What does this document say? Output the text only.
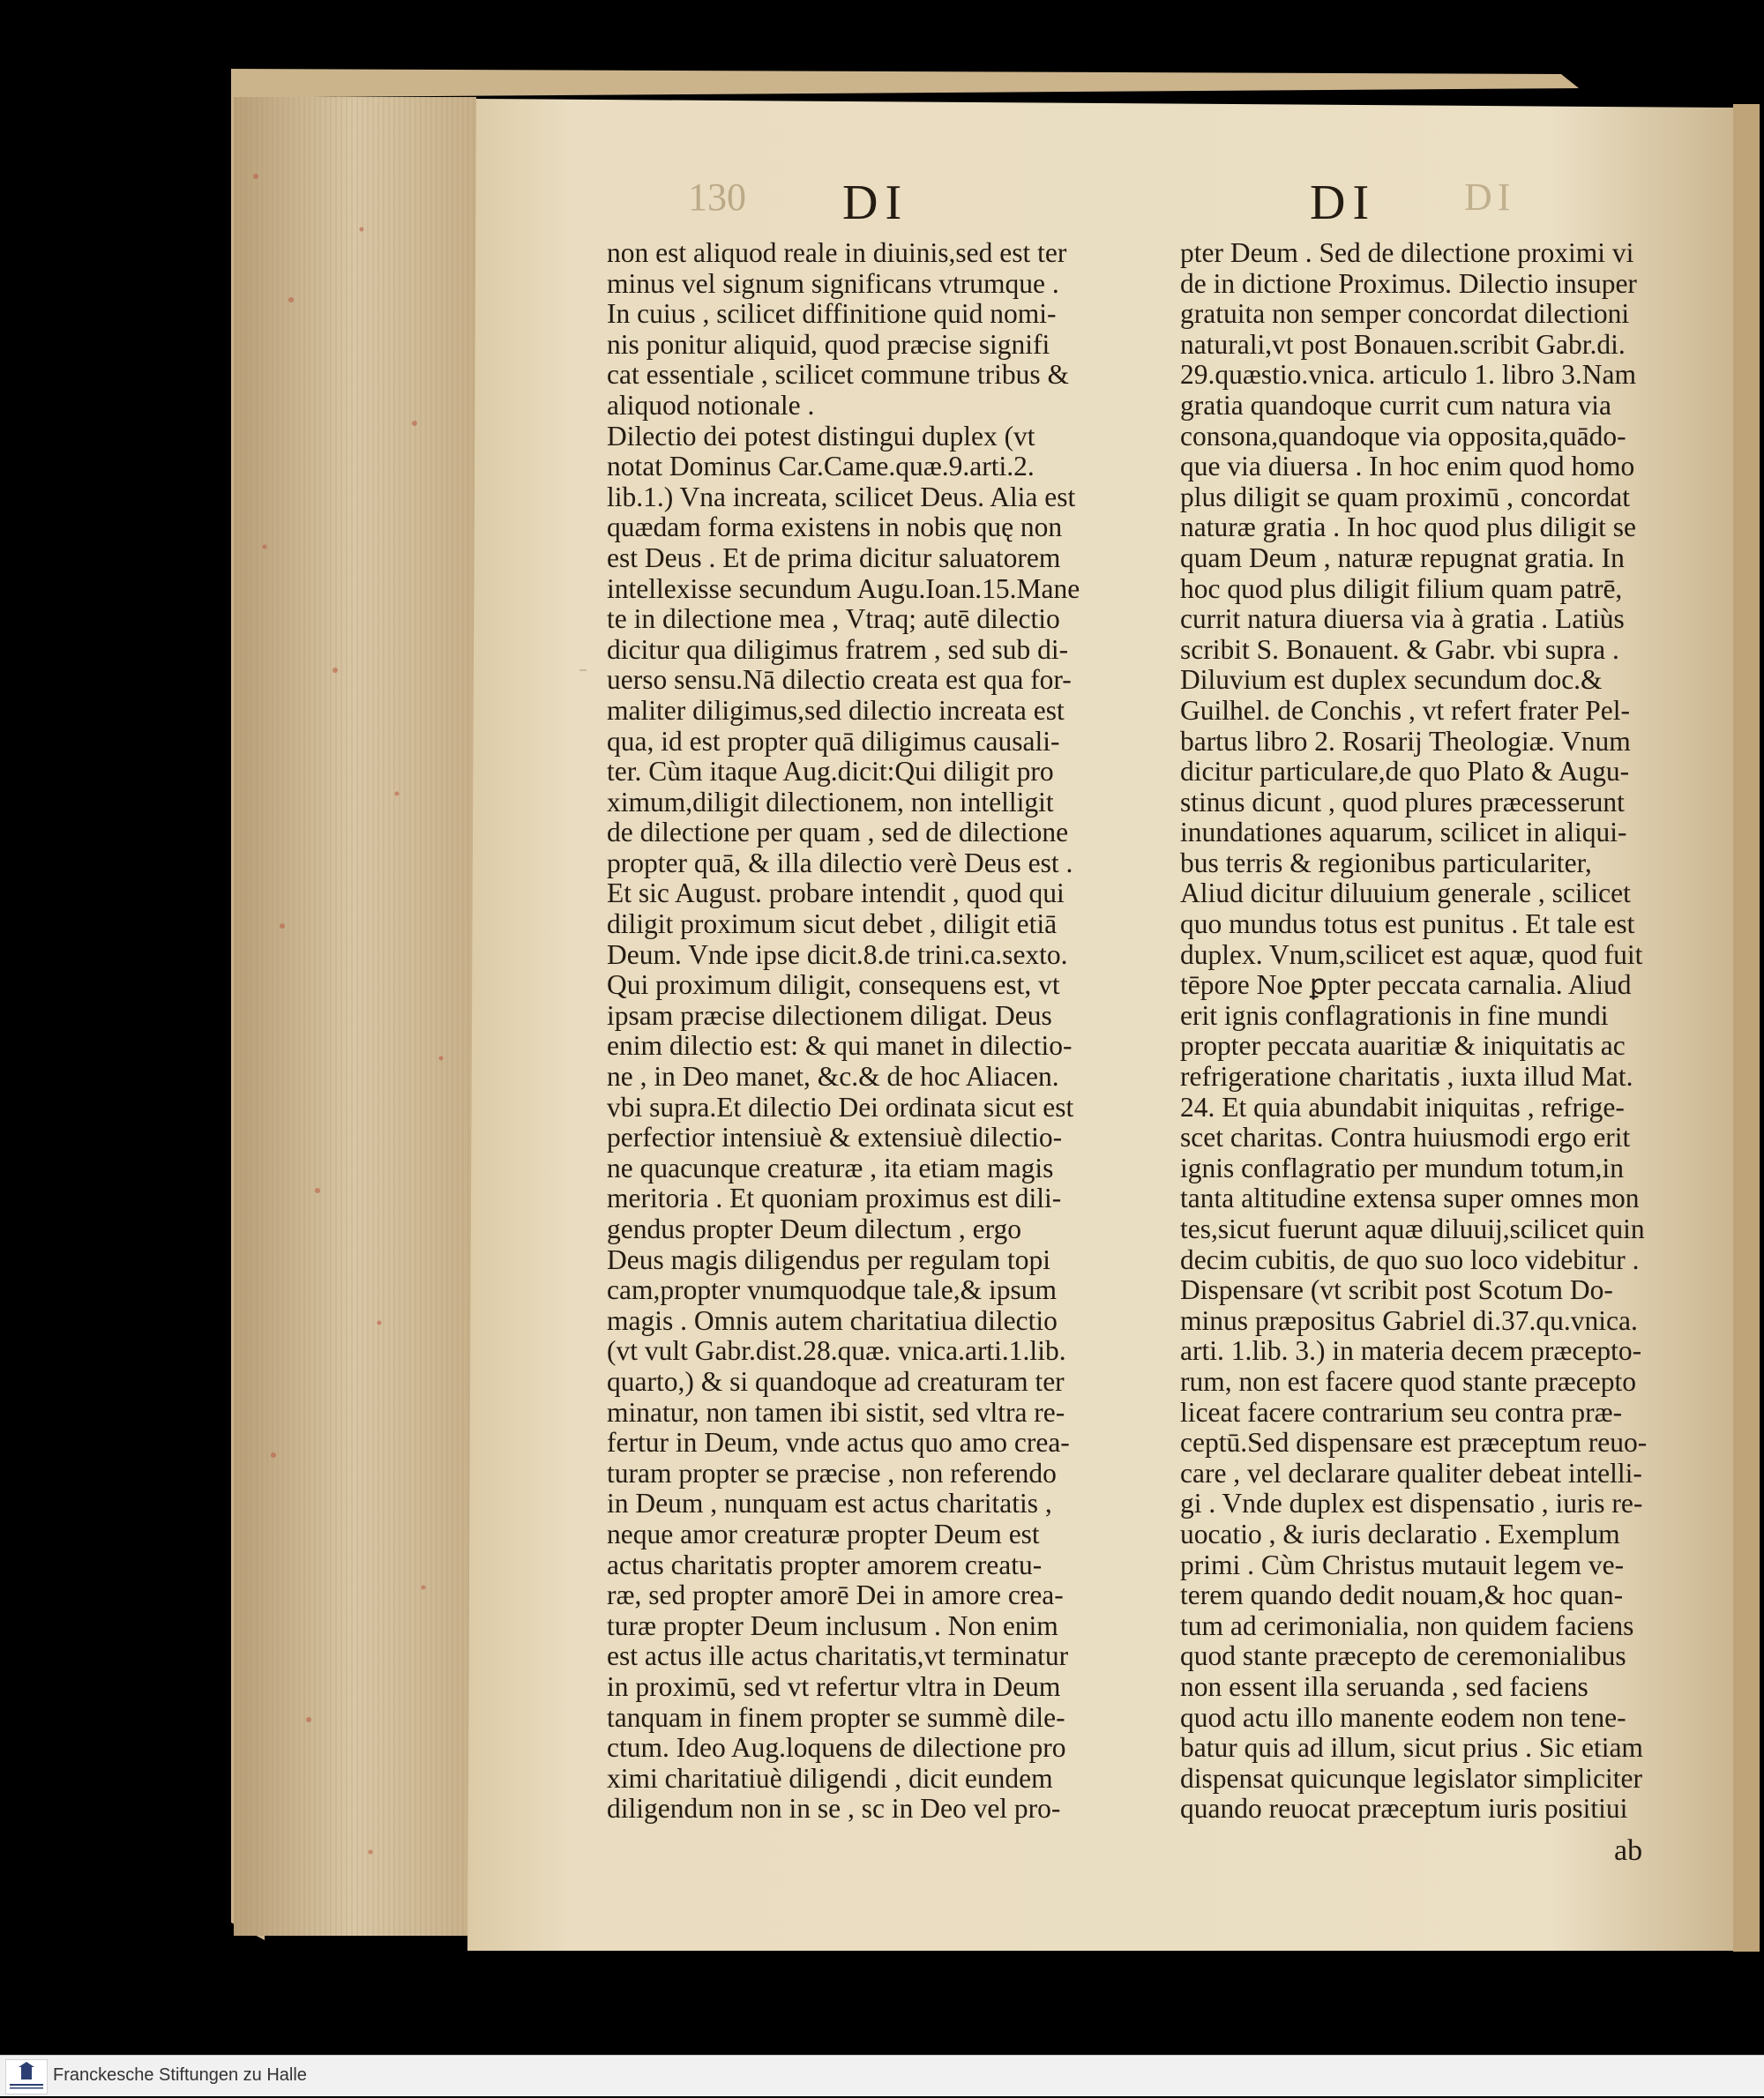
130 DI	DI DI
non est aliquod reale in diuinis,sed est ter
minus vel signum significans vtrumque .
In cuius , scilicet diffinitione quid nomi-
nis ponitur aliquid, quod præcise signifi
cat essentiale , scilicet commune tribus &
aliquod notionale .
Dilectio dei potest distingui duplex (vt
notat Dominus Car.Came.quæ.9.arti.2.
lib.1.) Vna increata, scilicet Deus. Alia est
quædam forma existens in nobis quę non
est Deus . Et de prima dicitur saluatorem
intellexisse secundum Augu.Ioan.15.Mane
te in dilectione mea , Vtraq; autē dilectio
dicitur qua diligimus fratrem , sed sub di-
uerso sensu.Nā dilectio creata est qua for-
maliter diligimus,sed dilectio increata est
qua, id est propter quā diligimus causali-
ter. Cùm itaque Aug.dicit:Qui diligit pro
ximum,diligit dilectionem, non intelligit
de dilectione per quam , sed de dilectione
propter quā, & illa dilectio verè Deus est .
Et sic August. probare intendit , quod qui
diligit proximum sicut debet , diligit etiā
Deum. Vnde ipse dicit.8.de trini.ca.sexto.
Qui proximum diligit, consequens est, vt
ipsam præcise dilectionem diligat. Deus
enim dilectio est: & qui manet in dilectio-
ne , in Deo manet, &c.& de hoc Aliacen.
vbi supra.Et dilectio Dei ordinata sicut est
perfectior intensiuè & extensiuè dilectio-
ne quacunque creaturæ , ita etiam magis
meritoria . Et quoniam proximus est dili-
gendus propter Deum dilectum , ergo
Deus magis diligendus per regulam topi
cam,propter vnumquodque tale,& ipsum
magis . Omnis autem charitatiua dilectio
(vt vult Gabr.dist.28.quæ. vnica.arti.1.lib.
quarto,) & si quandoque ad creaturam ter
minatur, non tamen ibi sistit, sed vltra re-
fertur in Deum, vnde actus quo amo crea-
turam propter se præcise , non referendo
in Deum , nunquam est actus charitatis ,
neque amor creaturæ propter Deum est
actus charitatis propter amorem creatu-
ræ, sed propter amorē Dei in amore crea-
turæ propter Deum inclusum . Non enim
est actus ille actus charitatis,vt terminatur
in proximū, sed vt refertur vltra in Deum
tanquam in finem propter se summè dile-
ctum. Ideo Aug.loquens de dilectione pro
ximi charitatiuè diligendi , dicit eundem
diligendum non in se , sc in Deo vel pro-
pter Deum . Sed de dilectione proximi vi
de in dictione Proximus. Dilectio insuper
gratuita non semper concordat dilectioni
naturali,vt post Bonauen.scribit Gabr.di.
29.quæstio.vnica. articulo 1. libro 3.Nam
gratia quandoque currit cum natura via
consona,quandoque via opposita,quādo-
que via diuersa . In hoc enim quod homo
plus diligit se quam proximū , concordat
naturæ gratia . In hoc quod plus diligit se
quam Deum , naturæ repugnat gratia. In
hoc quod plus diligit filium quam patrē,
currit natura diuersa via à gratia . Latiùs
scribit S. Bonauent. & Gabr. vbi supra .
Diluvium est duplex secundum doc.&
Guilhel. de Conchis , vt refert frater Pel-
bartus libro 2. Rosarij Theologiæ. Vnum
dicitur particulare,de quo Plato & Augu-
stinus dicunt , quod plures præcesserunt
inundationes aquarum, scilicet in aliqui-
bus terris & regionibus particulariter,
Aliud dicitur diluuium generale , scilicet
quo mundus totus est punitus . Et tale est
duplex. Vnum,scilicet est aquæ, quod fuit
tēpore Noe ꝑpter peccata carnalia. Aliud
erit ignis conflagrationis in fine mundi
propter peccata auaritiæ & iniquitatis ac
refrigeratione charitatis , iuxta illud Mat.
24. Et quia abundabit iniquitas , refrige-
scet charitas. Contra huiusmodi ergo erit
ignis conflagratio per mundum totum,in
tanta altitudine extensa super omnes mon
tes,sicut fuerunt aquæ diluuij,scilicet quin
decim cubitis, de quo suo loco videbitur .
Dispensare (vt scribit post Scotum Do-
minus præpositus Gabriel di.37.qu.vnica.
arti. 1.lib. 3.) in materia decem præcepto-
rum, non est facere quod stante præcepto
liceat facere contrarium seu contra præ-
ceptū.Sed dispensare est præceptum reuo-
care , vel declarare qualiter debeat intelli-
gi . Vnde duplex est dispensatio , iuris re-
uocatio , & iuris declaratio . Exemplum
primi . Cùm Christus mutauit legem ve-
terem quando dedit nouam,& hoc quan-
tum ad cerimonialia, non quidem faciens
quod stante præcepto de ceremonialibus
non essent illa seruanda , sed faciens
quod actu illo manente eodem non tene-
batur quis ad illum, sicut prius . Sic etiam
dispensat quicunque legislator simpliciter
quando reuocat præceptum iuris positiui
ab
Franckesche Stiftungen zu Halle
